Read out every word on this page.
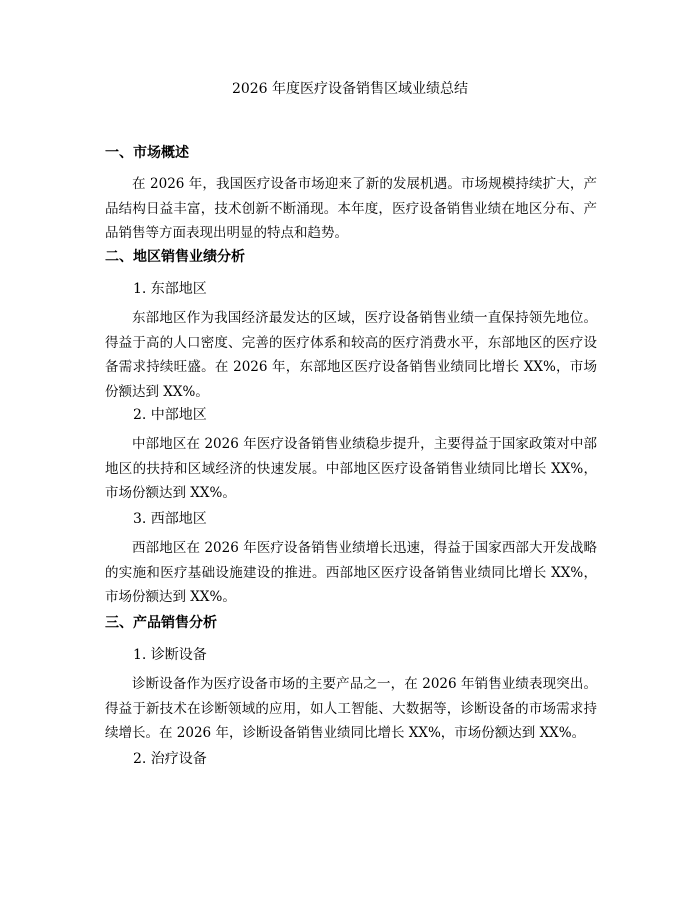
2026 年度医疗设备销售区域业绩总结
一、市场概述
在 2026 年，我国医疗设备市场迎来了新的发展机遇。市场规模持续扩大，产品结构日益丰富，技术创新不断涌现。本年度，医疗设备销售业绩在地区分布、产品销售等方面表现出明显的特点和趋势。
二、地区销售业绩分析
1. 东部地区
东部地区作为我国经济最发达的区域，医疗设备销售业绩一直保持领先地位。得益于高的人口密度、完善的医疗体系和较高的医疗消费水平，东部地区的医疗设备需求持续旺盛。在 2026 年，东部地区医疗设备销售业绩同比增长 XX%，市场份额达到 XX%。
2. 中部地区
中部地区在 2026 年医疗设备销售业绩稳步提升，主要得益于国家政策对中部地区的扶持和区域经济的快速发展。中部地区医疗设备销售业绩同比增长 XX%，市场份额达到 XX%。
3. 西部地区
西部地区在 2026 年医疗设备销售业绩增长迅速，得益于国家西部大开发战略的实施和医疗基础设施建设的推进。西部地区医疗设备销售业绩同比增长 XX%，市场份额达到 XX%。
三、产品销售分析
1. 诊断设备
诊断设备作为医疗设备市场的主要产品之一，在 2026 年销售业绩表现突出。得益于新技术在诊断领域的应用，如人工智能、大数据等，诊断设备的市场需求持续增长。在 2026 年，诊断设备销售业绩同比增长 XX%，市场份额达到 XX%。
2. 治疗设备
